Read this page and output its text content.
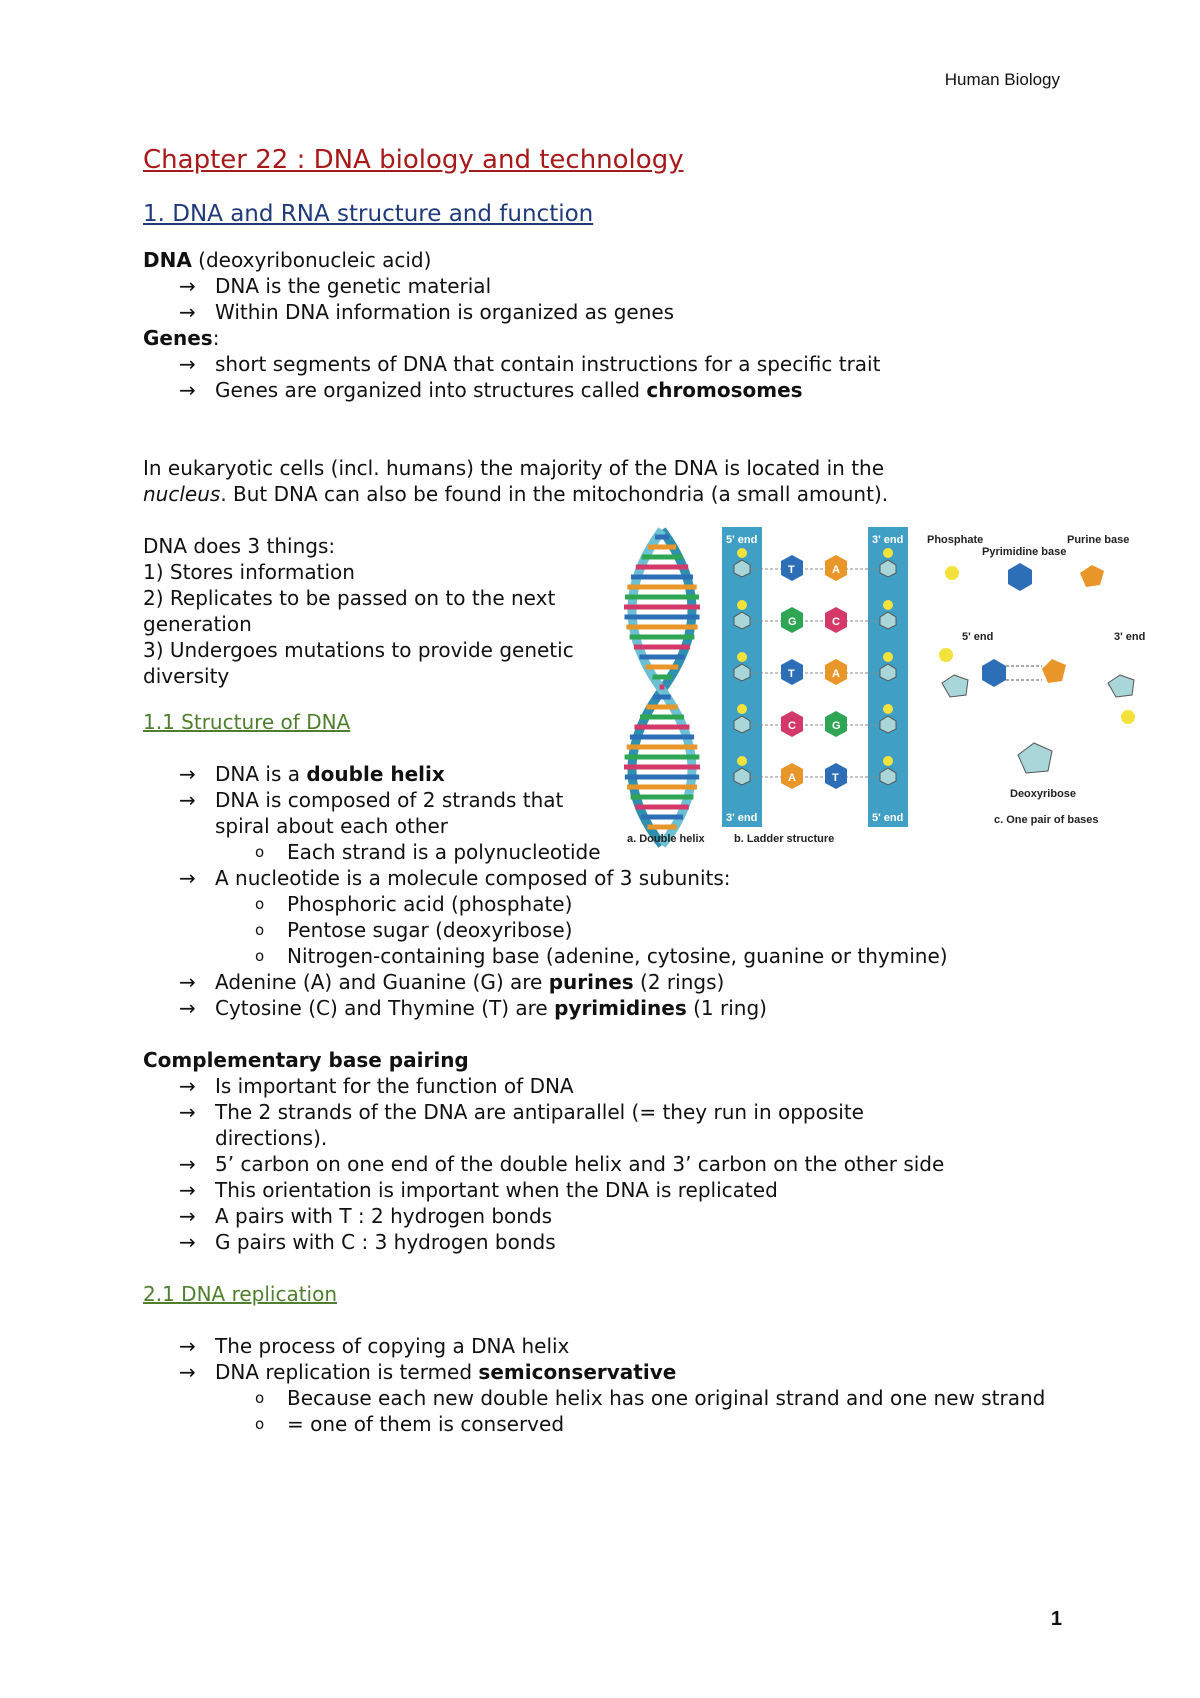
Human Biology
Chapter 22 : DNA biology and technology
1. DNA and RNA structure and function

DNA (deoxyribonucleic acid)

→ DNA is the genetic material
→ Within DNA information is organized as genes

Genes:

→ short segments of DNA that contain instructions for a specific trait
→ Genes are organized into structures called chromosomes

In eukaryotic cells (incl. humans) the majority of the DNA is located in the
nucleus. But DNA can also be found in the mitochondria (a small amount).

DNA does 3 things:

1) Stores information

2) Replicates to be passed on to the next generation

3) Undergoes mutations to provide genetic diversity

1.1 Structure of DNA
→ DNA is a double helix
→ DNA is composed of 2 strands that spiral about each other
o Each strand is a polynucleotide
→ A nucleotide is a molecule composed of 3 subunits:
o Phosphoric acid (phosphate)
o Pentose sugar (deoxyribose)
o Nitrogen-containing base (adenine, cytosine, guanine or thymine)
→ Adenine (A) and Guanine (G) are purines (2 rings)
→ Cytosine (C) and Thymine (T) are pyrimidines (1 ring)

Complementary base pairing

→ Is important for the function of DNA
→ The 2 strands of the DNA are antiparallel (= they run in opposite directions).
→ 5’ carbon on one end of the double helix and 3’ carbon on the other side
→ This orientation is important when the DNA is replicated
→ A pairs with T : 2 hydrogen bonds
→ G pairs with C : 3 hydrogen bonds
2.1 DNA replication
→ The process of copying a DNA helix
→ DNA replication is termed semiconservative
o Because each new double helix has one original strand and one new strand
o = one of them is conserved
a. Double helix
5' end	3' end
3' end	5' end
T	A
G	C
T	A
C	G
A	T
b. Ladder structure
Phosphate
Pyrimidine base
Purine base
5' end	3' end
Deoxyribose
c. One pair of bases
1
